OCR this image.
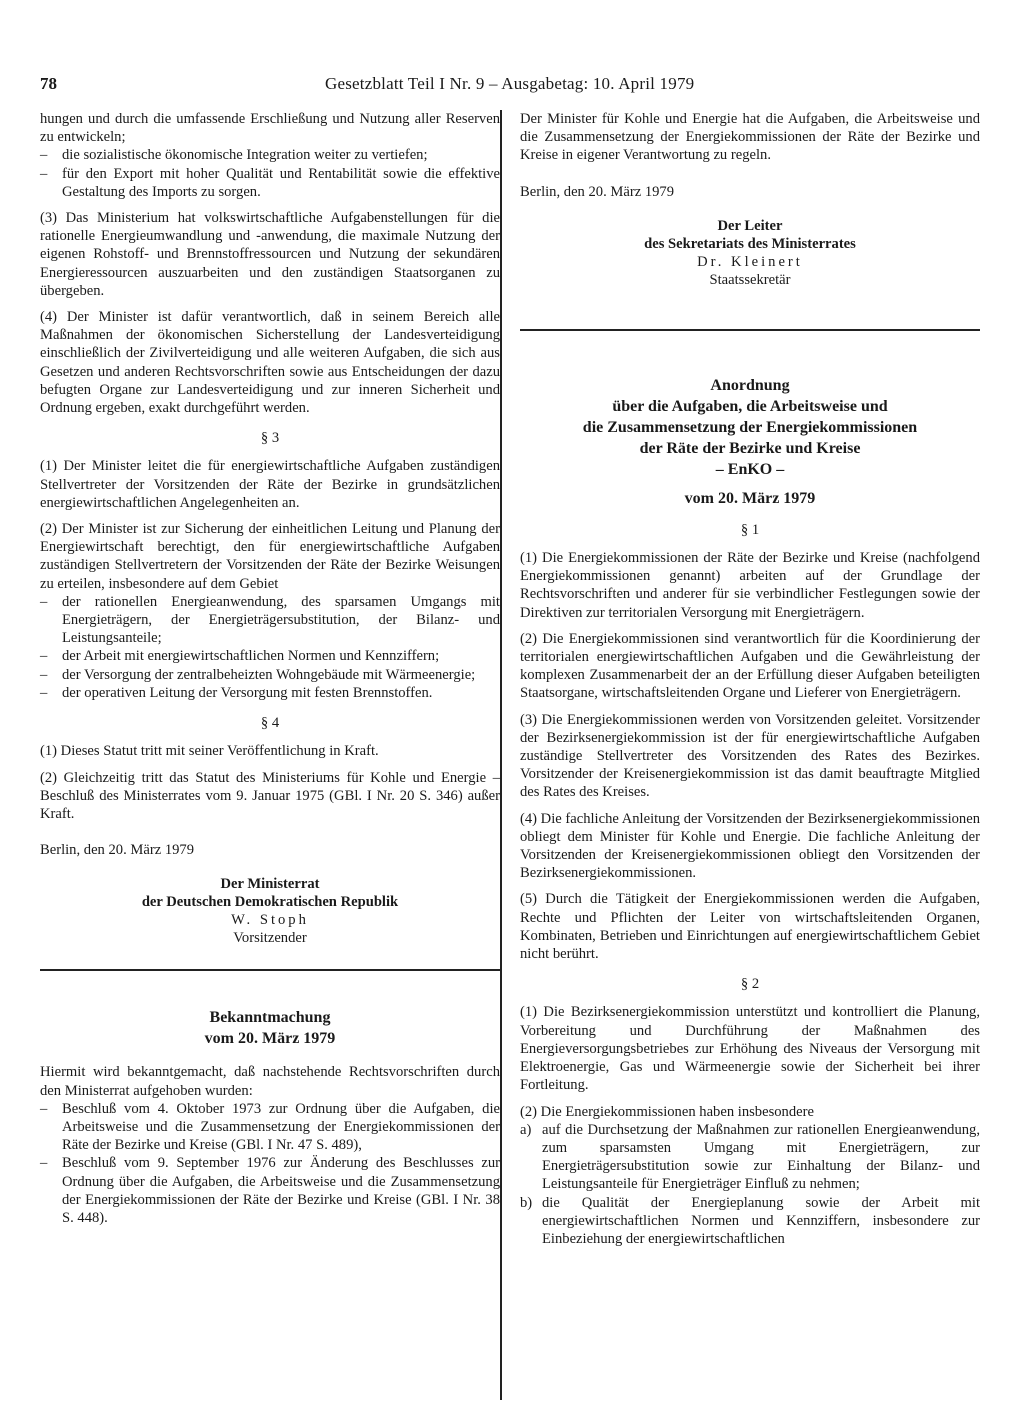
78	Gesetzblatt Teil I Nr. 9 – Ausgabetag: 10. April 1979

hungen und durch die umfassende Erschließung und Nutzung aller Reserven zu entwickeln;

– die sozialistische ökonomische Integration weiter zu vertiefen;
– für den Export mit hoher Qualität und Rentabilität sowie die effektive Gestaltung des Imports zu sorgen.

(3) Das Ministerium hat volkswirtschaftliche Aufgabenstellungen für die rationelle Energieumwandlung und -anwendung, die maximale Nutzung der eigenen Rohstoff- und Brennstoffressourcen und Nutzung der sekundären Energieressourcen auszuarbeiten und den zuständigen Staatsorganen zu übergeben.

(4) Der Minister ist dafür verantwortlich, daß in seinem Bereich alle Maßnahmen der ökonomischen Sicherstellung der Landesverteidigung einschließlich der Zivilverteidigung und alle weiteren Aufgaben, die sich aus Gesetzen und anderen Rechtsvorschriften sowie aus Entscheidungen der dazu befugten Organe zur Landesverteidigung und zur inneren Sicherheit und Ordnung ergeben, exakt durchgeführt werden.

§ 3

(1) Der Minister leitet die für energiewirtschaftliche Aufgaben zuständigen Stellvertreter der Vorsitzenden der Räte der Bezirke in grundsätzlichen energiewirtschaftlichen Angelegenheiten an.

(2) Der Minister ist zur Sicherung der einheitlichen Leitung und Planung der Energiewirtschaft berechtigt, den für energiewirtschaftliche Aufgaben zuständigen Stellvertretern der Vorsitzenden der Räte der Bezirke Weisungen zu erteilen, insbesondere auf dem Gebiet

– der rationellen Energieanwendung, des sparsamen Umgangs mit Energieträgern, der Energieträgersubstitution, der Bilanz- und Leistungsanteile;
– der Arbeit mit energiewirtschaftlichen Normen und Kennziffern;
– der Versorgung der zentralbeheizten Wohngebäude mit Wärmeenergie;
– der operativen Leitung der Versorgung mit festen Brennstoffen.
§ 4

(1) Dieses Statut tritt mit seiner Veröffentlichung in Kraft.

(2) Gleichzeitig tritt das Statut des Ministeriums für Kohle und Energie – Beschluß des Ministerrates vom 9. Januar 1975 (GBl. I Nr. 20 S. 346) außer Kraft.

Berlin, den 20. März 1979
Der Ministerrat
der Deutschen Demokratischen Republik
W. Stoph
Vorsitzender
Bekanntmachung
vom 20. März 1979

Hiermit wird bekanntgemacht, daß nachstehende Rechtsvorschriften durch den Ministerrat aufgehoben wurden:

– Beschluß vom 4. Oktober 1973 zur Ordnung über die Aufgaben, die Arbeitsweise und die Zusammensetzung der Energiekommissionen der Räte der Bezirke und Kreise (GBl. I Nr. 47 S. 489),
– Beschluß vom 9. September 1976 zur Änderung des Beschlusses zur Ordnung über die Aufgaben, die Arbeitsweise und die Zusammensetzung der Energiekommissionen der Räte der Bezirke und Kreise (GBl. I Nr. 38 S. 448).

Der Minister für Kohle und Energie hat die Aufgaben, die Arbeitsweise und die Zusammensetzung der Energiekommissionen der Räte der Bezirke und Kreise in eigener Verantwortung zu regeln.

Berlin, den 20. März 1979
Der Leiter
des Sekretariats des Ministerrates
Dr. Kleinert
Staatssekretär
Anordnung
über die Aufgaben, die Arbeitsweise und
die Zusammensetzung der Energiekommissionen
der Räte der Bezirke und Kreise
– EnKO –
vom 20. März 1979
§ 1

(1) Die Energiekommissionen der Räte der Bezirke und Kreise (nachfolgend Energiekommissionen genannt) arbeiten auf der Grundlage der Rechtsvorschriften und anderer für sie verbindlicher Festlegungen sowie der Direktiven zur territorialen Versorgung mit Energieträgern.

(2) Die Energiekommissionen sind verantwortlich für die Koordinierung der territorialen energiewirtschaftlichen Aufgaben und die Gewährleistung der komplexen Zusammenarbeit der an der Erfüllung dieser Aufgaben beteiligten Staatsorgane, wirtschaftsleitenden Organe und Lieferer von Energieträgern.

(3) Die Energiekommissionen werden von Vorsitzenden geleitet. Vorsitzender der Bezirksenergiekommission ist der für energiewirtschaftliche Aufgaben zuständige Stellvertreter des Vorsitzenden des Rates des Bezirkes. Vorsitzender der Kreisenergiekommission ist das damit beauftragte Mitglied des Rates des Kreises.

(4) Die fachliche Anleitung der Vorsitzenden der Bezirksenergiekommissionen obliegt dem Minister für Kohle und Energie. Die fachliche Anleitung der Vorsitzenden der Kreisenergiekommissionen obliegt den Vorsitzenden der Bezirksenergiekommissionen.

(5) Durch die Tätigkeit der Energiekommissionen werden die Aufgaben, Rechte und Pflichten der Leiter von wirtschaftsleitenden Organen, Kombinaten, Betrieben und Einrichtungen auf energiewirtschaftlichem Gebiet nicht berührt.

§ 2

(1) Die Bezirksenergiekommission unterstützt und kontrolliert die Planung, Vorbereitung und Durchführung der Maßnahmen des Energieversorgungsbetriebes zur Erhöhung des Niveaus der Versorgung mit Elektroenergie, Gas und Wärmeenergie sowie der Sicherheit bei ihrer Fortleitung.

(2) Die Energiekommissionen haben insbesondere

a) auf die Durchsetzung der Maßnahmen zur rationellen Energieanwendung, zum sparsamsten Umgang mit Energieträgern, zur Energieträgersubstitution sowie zur Einhaltung der Bilanz- und Leistungsanteile für Energieträger Einfluß zu nehmen;
b) die Qualität der Energieplanung sowie der Arbeit mit energiewirtschaftlichen Normen und Kennziffern, insbesondere zur Einbeziehung der energiewirtschaftlichen
